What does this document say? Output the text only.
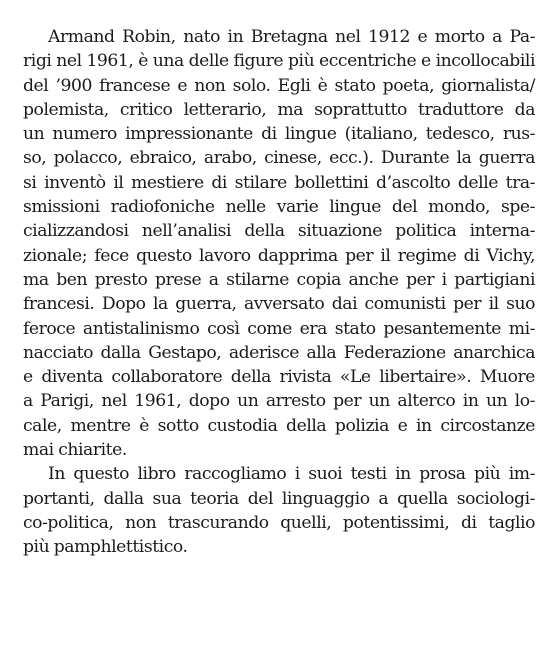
Armand Robin, nato in Bretagna nel 1912 e morto a Pa-
rigi nel 1961, è una delle figure più eccentriche e incollocabili
del ’900 francese e non solo. Egli è stato poeta, giornalista/
polemista, critico letterario, ma soprattutto traduttore da
un numero impressionante di lingue (italiano, tedesco, rus-
so, polacco, ebraico, arabo, cinese, ecc.). Durante la guerra
si inventò il mestiere di stilare bollettini d’ascolto delle tra-
smissioni radiofoniche nelle varie lingue del mondo, spe-
cializzandosi nell’analisi della situazione politica interna-
zionale; fece questo lavoro dapprima per il regime di Vichy,
ma ben presto prese a stilarne copia anche per i partigiani
francesi. Dopo la guerra, avversato dai comunisti per il suo
feroce antistalinismo così come era stato pesantemente mi-
nacciato dalla Gestapo, aderisce alla Federazione anarchica
e diventa collaboratore della rivista «Le libertaire». Muore
a Parigi, nel 1961, dopo un arresto per un alterco in un lo-
cale, mentre è sotto custodia della polizia e in circostanze
mai chiarite.
In questo libro raccogliamo i suoi testi in prosa più im-
portanti, dalla sua teoria del linguaggio a quella sociologi-
co-politica, non trascurando quelli, potentissimi, di taglio
più pamphlettistico.
